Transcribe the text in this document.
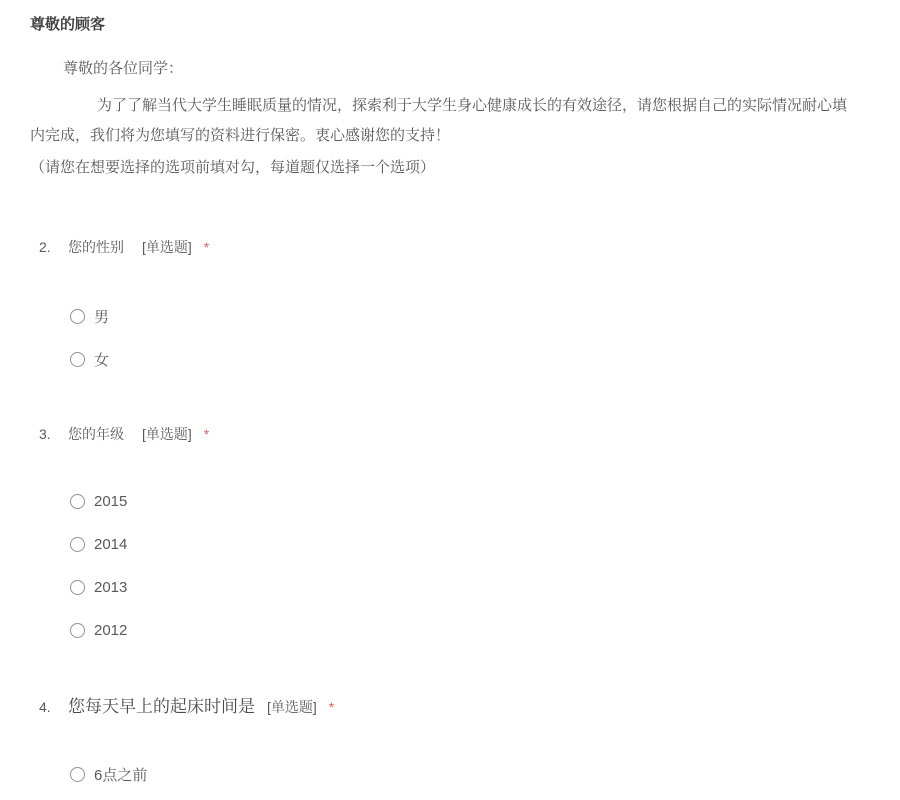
尊敬的顾客
尊敬的各位同学：
为了了解当代大学生睡眠质量的情况，探索利于大学生身心健康成长的有效途径，请您根据自己的实际情况耐心填
内完成，我们将为您填写的资料进行保密。衷心感谢您的支持！
（请您在想要选择的选项前填对勾，每道题仅选择一个选项）
2.	您的性别 [单选题] *
男
女
3.	您的年级 [单选题] *
2015
2014
2013
2012
4.	您每天早上的起床时间是 [单选题] *
6点之前
